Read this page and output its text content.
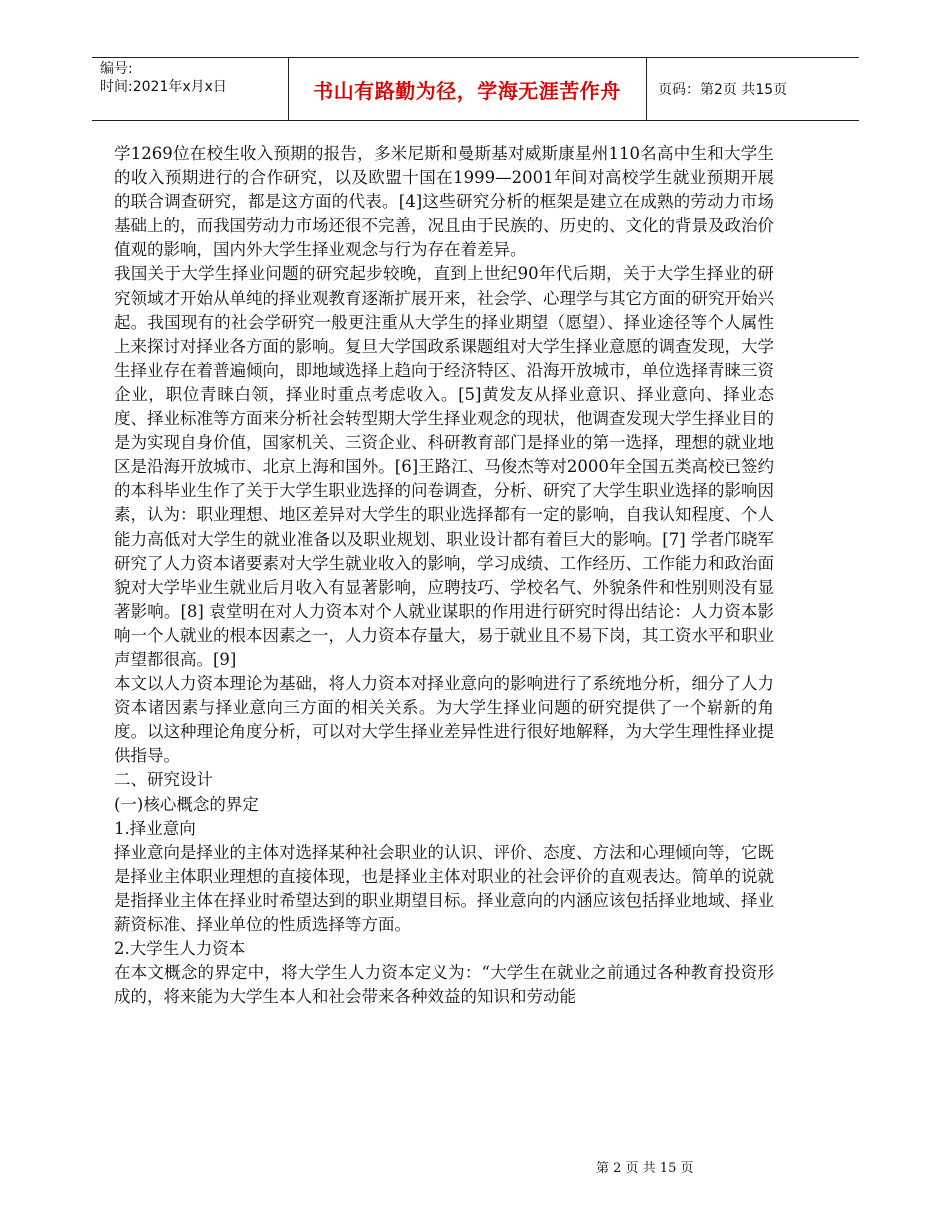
编号:
时间:2021年x月x日	书山有路勤为径，学海无涯苦作舟	页码：第2页 共15页

学1269位在校生收入预期的报告，多米尼斯和曼斯基对威斯康星州110名高中生和大学生的收入预期进行的合作研究，以及欧盟十国在1999—2001年间对高校学生就业预期开展的联合调查研究，都是这方面的代表。[4]这些研究分析的框架是建立在成熟的劳动力市场基础上的，而我国劳动力市场还很不完善，况且由于民族的、历史的、文化的背景及政治价值观的影响，国内外大学生择业观念与行为存在着差异。

我国关于大学生择业问题的研究起步较晚，直到上世纪90年代后期，关于大学生择业的研究领域才开始从单纯的择业观教育逐渐扩展开来，社会学、心理学与其它方面的研究开始兴起。我国现有的社会学研究一般更注重从大学生的择业期望（愿望）、择业途径等个人属性上来探讨对择业各方面的影响。复旦大学国政系课题组对大学生择业意愿的调查发现，大学生择业存在着普遍倾向，即地域选择上趋向于经济特区、沿海开放城市，单位选择青睐三资企业，职位青睐白领，择业时重点考虑收入。[5]黄发友从择业意识、择业意向、择业态度、择业标准等方面来分析社会转型期大学生择业观念的现状，他调查发现大学生择业目的是为实现自身价值，国家机关、三资企业、科研教育部门是择业的第一选择，理想的就业地区是沿海开放城市、北京上海和国外。[6]王路江、马俊杰等对2000年全国五类高校已签约的本科毕业生作了关于大学生职业选择的问卷调查，分析、研究了大学生职业选择的影响因素，认为：职业理想、地区差异对大学生的职业选择都有一定的影响，自我认知程度、个人能力高低对大学生的就业准备以及职业规划、职业设计都有着巨大的影响。[7] 学者邝晓军研究了人力资本诸要素对大学生就业收入的影响，学习成绩、工作经历、工作能力和政治面貌对大学毕业生就业后月收入有显著影响，应聘技巧、学校名气、外貌条件和性别则没有显著影响。[8] 袁堂明在对人力资本对个人就业谋职的作用进行研究时得出结论：人力资本影响一个人就业的根本因素之一，人力资本存量大，易于就业且不易下岗，其工资水平和职业声望都很高。[9]

本文以人力资本理论为基础，将人力资本对择业意向的影响进行了系统地分析，细分了人力资本诸因素与择业意向三方面的相关关系。为大学生择业问题的研究提供了一个崭新的角度。以这种理论角度分析，可以对大学生择业差异性进行很好地解释，为大学生理性择业提供指导。

二、研究设计

(一)核心概念的界定

1.择业意向

择业意向是择业的主体对选择某种社会职业的认识、评价、态度、方法和心理倾向等，它既是择业主体职业理想的直接体现，也是择业主体对职业的社会评价的直观表达。简单的说就是指择业主体在择业时希望达到的职业期望目标。择业意向的内涵应该包括择业地域、择业薪资标准、择业单位的性质选择等方面。

2.大学生人力资本

在本文概念的界定中，将大学生人力资本定义为：“大学生在就业之前通过各种教育投资形成的，将来能为大学生本人和社会带来各种效益的知识和劳动能

第 2 页 共 15 页
